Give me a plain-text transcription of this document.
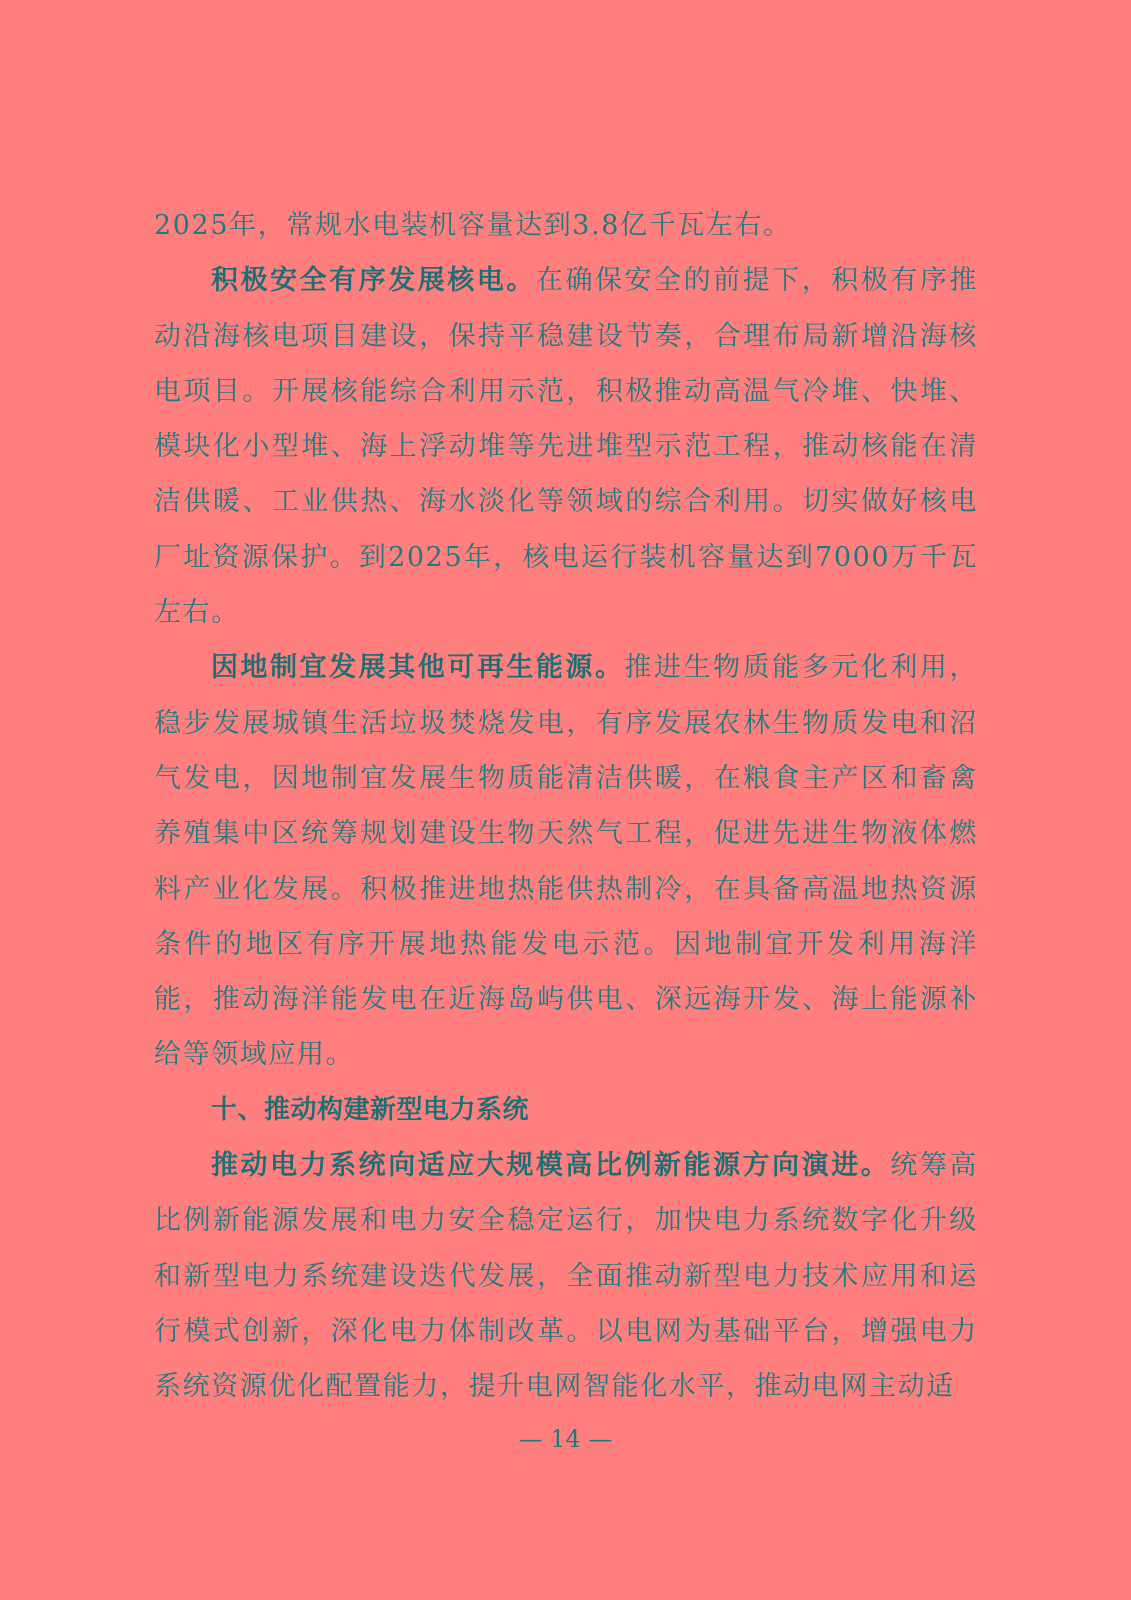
2025年，常规水电装机容量达到3.8亿千瓦左右。

积极安全有序发展核电。在确保安全的前提下，积极有序推动沿海核电项目建设，保持平稳建设节奏，合理布局新增沿海核电项目。开展核能综合利用示范，积极推动高温气冷堆、快堆、模块化小型堆、海上浮动堆等先进堆型示范工程，推动核能在清洁供暖、工业供热、海水淡化等领域的综合利用。切实做好核电厂址资源保护。到2025年，核电运行装机容量达到7000万千瓦左右。

因地制宜发展其他可再生能源。推进生物质能多元化利用，稳步发展城镇生活垃圾焚烧发电，有序发展农林生物质发电和沼气发电，因地制宜发展生物质能清洁供暖，在粮食主产区和畜禽养殖集中区统筹规划建设生物天然气工程，促进先进生物液体燃料产业化发展。积极推进地热能供热制冷，在具备高温地热资源条件的地区有序开展地热能发电示范。因地制宜开发利用海洋能，推动海洋能发电在近海岛屿供电、深远海开发、海上能源补给等领域应用。

十、推动构建新型电力系统

推动电力系统向适应大规模高比例新能源方向演进。统筹高比例新能源发展和电力安全稳定运行，加快电力系统数字化升级和新型电力系统建设迭代发展，全面推动新型电力技术应用和运行模式创新，深化电力体制改革。以电网为基础平台，增强电力系统资源优化配置能力，提升电网智能化水平，推动电网主动适

— 14 —
